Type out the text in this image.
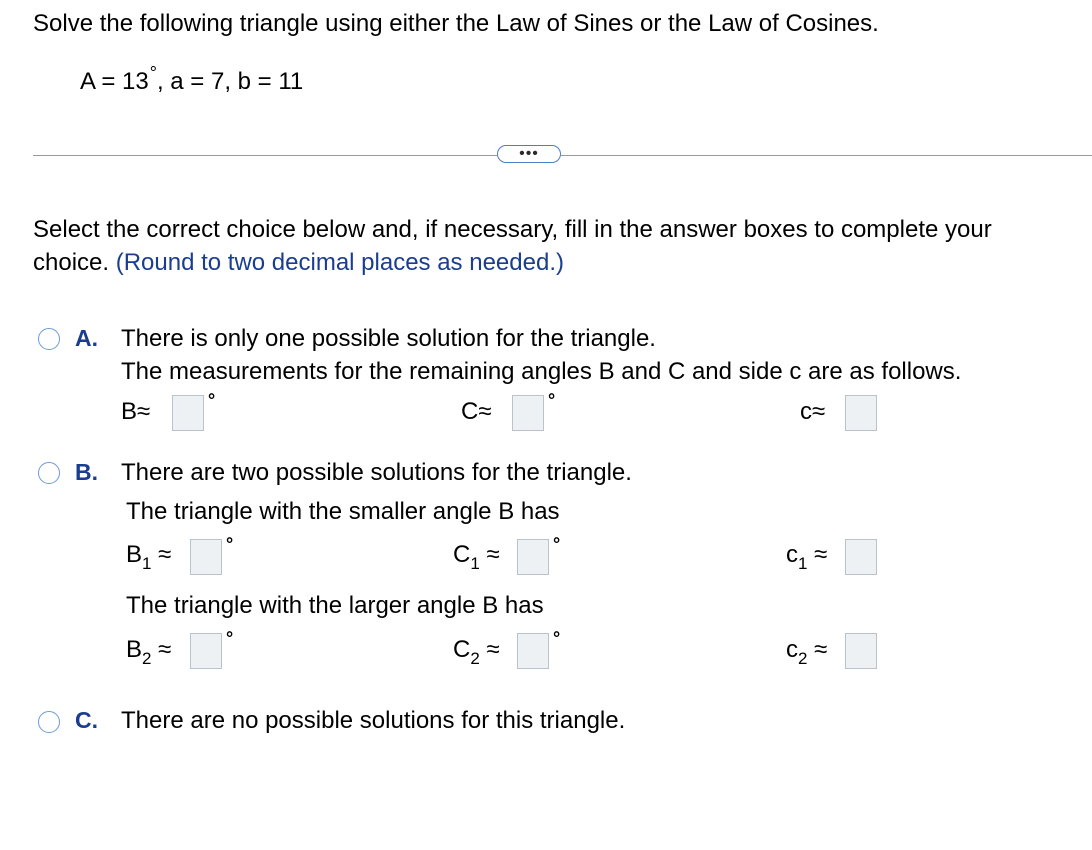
Solve the following triangle using either the Law of Sines or the Law of Cosines.
A = 13°, a = 7, b = 11
•••
Select the correct choice below and, if necessary, fill in the answer boxes to complete your
choice. (Round to two decimal places as needed.)
A. There is only one possible solution for the triangle.
The measurements for the remaining angles B and C and side c are as follows.
B≈	°	C≈	°	c≈
B. There are two possible solutions for the triangle.
The triangle with the smaller angle B has
$B_1$ ≈	°	$C_1$ ≈	°	$c_1$ ≈
The triangle with the larger angle B has
$B_2$ ≈	°	$C_2$ ≈	°	$c_2$ ≈
C. There are no possible solutions for this triangle.
